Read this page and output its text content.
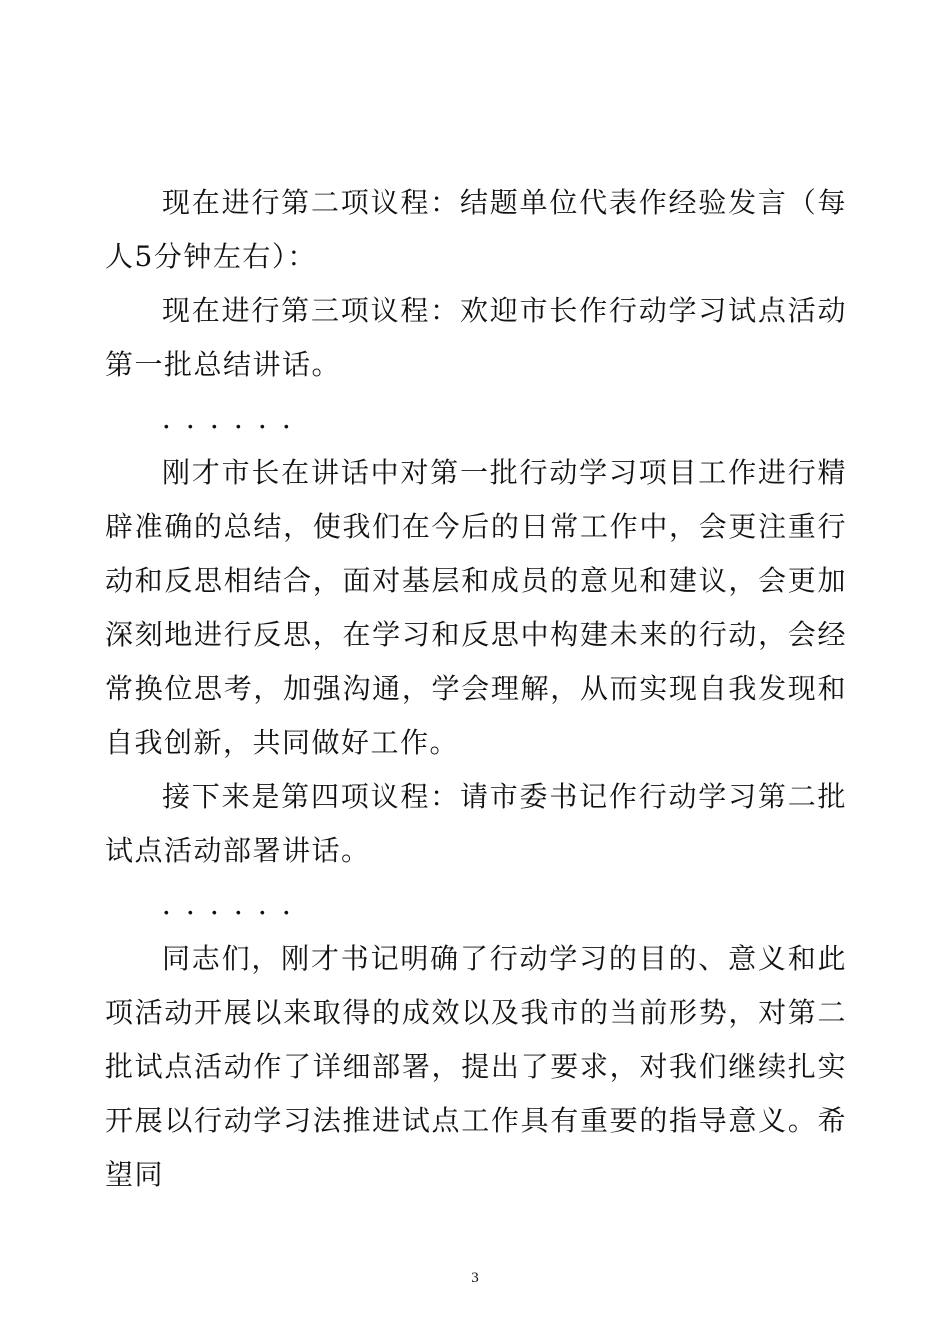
现在进行第二项议程：结题单位代表作经验发言（每人5分钟左右）：

现在进行第三项议程：欢迎市长作行动学习试点活动第一批总结讲话。

．．．．．．

刚才市长在讲话中对第一批行动学习项目工作进行精辟准确的总结，使我们在今后的日常工作中，会更注重行动和反思相结合，面对基层和成员的意见和建议，会更加深刻地进行反思，在学习和反思中构建未来的行动，会经常换位思考，加强沟通，学会理解，从而实现自我发现和自我创新，共同做好工作。

接下来是第四项议程：请市委书记作行动学习第二批试点活动部署讲话。

．．．．．．

同志们，刚才书记明确了行动学习的目的、意义和此项活动开展以来取得的成效以及我市的当前形势，对第二批试点活动作了详细部署，提出了要求，对我们继续扎实开展以行动学习法推进试点工作具有重要的指导意义。希望同

3
